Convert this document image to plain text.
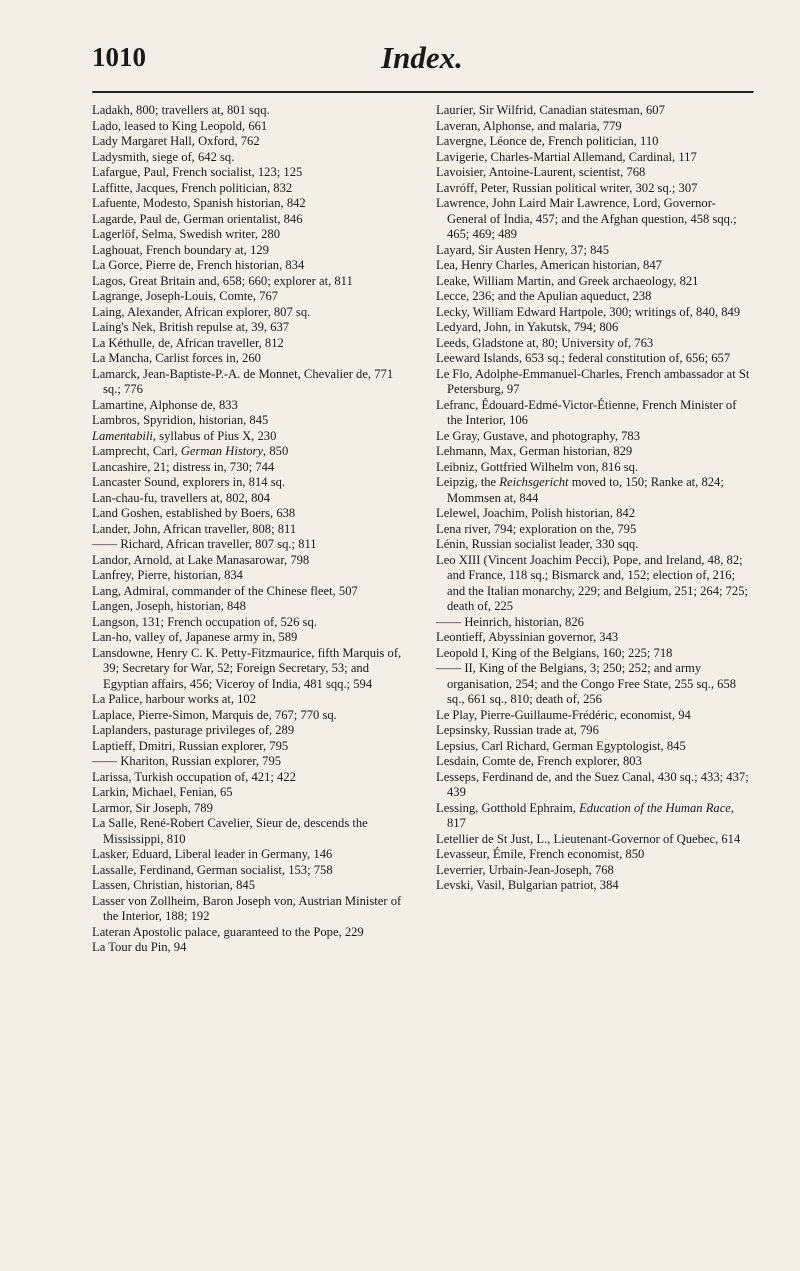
1010	Index.

Ladakh, 800; travellers at, 801 sqq.

Lado, leased to King Leopold, 661

Lady Margaret Hall, Oxford, 762

Ladysmith, siege of, 642 sq.

Lafargue, Paul, French socialist, 123; 125

Laffitte, Jacques, French politician, 832

Lafuente, Modesto, Spanish historian, 842

Lagarde, Paul de, German orientalist, 846

Lagerlöf, Selma, Swedish writer, 280

Laghouat, French boundary at, 129

La Gorce, Pierre de, French historian, 834

Lagos, Great Britain and, 658; 660; explorer at, 811

Lagrange, Joseph-Louis, Comte, 767

Laing, Alexander, African explorer, 807 sq.

Laing's Nek, British repulse at, 39, 637

La Kéthulle, de, African traveller, 812

La Mancha, Carlist forces in, 260

Lamarck, Jean-Baptiste-P.-A. de Monnet, Chevalier de, 771 sq.; 776

Lamartine, Alphonse de, 833

Lambros, Spyridion, historian, 845

Lamentabili, syllabus of Pius X, 230

Lamprecht, Carl, German History, 850

Lancashire, 21; distress in, 730; 744

Lancaster Sound, explorers in, 814 sq.

Lan-chau-fu, travellers at, 802, 804

Land Goshen, established by Boers, 638

Lander, John, African traveller, 808; 811

—— Richard, African traveller, 807 sq.; 811

Landor, Arnold, at Lake Manasarowar, 798

Lanfrey, Pierre, historian, 834

Lang, Admiral, commander of the Chinese fleet, 507

Langen, Joseph, historian, 848

Langson, 131; French occupation of, 526 sq.

Lan-ho, valley of, Japanese army in, 589

Lansdowne, Henry C. K. Petty-Fitzmaurice, fifth Marquis of, 39; Secretary for War, 52; Foreign Secretary, 53; and Egyptian affairs, 456; Viceroy of India, 481 sqq.; 594

La Palice, harbour works at, 102

Laplace, Pierre-Simon, Marquis de, 767; 770 sq.

Laplanders, pasturage privileges of, 289

Laptieff, Dmitri, Russian explorer, 795

—— Khariton, Russian explorer, 795

Larissa, Turkish occupation of, 421; 422

Larkin, Michael, Fenian, 65

Larmor, Sir Joseph, 789

La Salle, René-Robert Cavelier, Sieur de, descends the Mississippi, 810

Lasker, Eduard, Liberal leader in Germany, 146

Lassalle, Ferdinand, German socialist, 153; 758

Lassen, Christian, historian, 845

Lasser von Zollheim, Baron Joseph von, Austrian Minister of the Interior, 188; 192

Lateran Apostolic palace, guaranteed to the Pope, 229

La Tour du Pin, 94

Laurier, Sir Wilfrid, Canadian statesman, 607

Laveran, Alphonse, and malaria, 779

Lavergne, Léonce de, French politician, 110

Lavigerie, Charles-Martial Allemand, Cardinal, 117

Lavoisier, Antoine-Laurent, scientist, 768

Lavróff, Peter, Russian political writer, 302 sq.; 307

Lawrence, John Laird Mair Lawrence, Lord, Governor-General of India, 457; and the Afghan question, 458 sqq.; 465; 469; 489

Layard, Sir Austen Henry, 37; 845

Lea, Henry Charles, American historian, 847

Leake, William Martin, and Greek archaeology, 821

Lecce, 236; and the Apulian aqueduct, 238

Lecky, William Edward Hartpole, 300; writings of, 840, 849

Ledyard, John, in Yakutsk, 794; 806

Leeds, Gladstone at, 80; University of, 763

Leeward Islands, 653 sq.; federal constitution of, 656; 657

Le Flo, Adolphe-Emmanuel-Charles, French ambassador at St Petersburg, 97

Lefranc, Édouard-Edmé-Victor-Étienne, French Minister of the Interior, 106

Le Gray, Gustave, and photography, 783

Lehmann, Max, German historian, 829

Leibniz, Gottfried Wilhelm von, 816 sq.

Leipzig, the Reichsgericht moved to, 150; Ranke at, 824; Mommsen at, 844

Lelewel, Joachim, Polish historian, 842

Lena river, 794; exploration on the, 795

Lénin, Russian socialist leader, 330 sqq.

Leo XIII (Vincent Joachim Pecci), Pope, and Ireland, 48, 82; and France, 118 sq.; Bismarck and, 152; election of, 216; and the Italian monarchy, 229; and Belgium, 251; 264; 725; death of, 225

—— Heinrich, historian, 826

Leontieff, Abyssinian governor, 343

Leopold I, King of the Belgians, 160; 225; 718

—— II, King of the Belgians, 3; 250; 252; and army organisation, 254; and the Congo Free State, 255 sq., 658 sq., 661 sq., 810; death of, 256

Le Play, Pierre-Guillaume-Frédéric, economist, 94

Lepsinsky, Russian trade at, 796

Lepsius, Carl Richard, German Egyptologist, 845

Lesdain, Comte de, French explorer, 803

Lesseps, Ferdinand de, and the Suez Canal, 430 sq.; 433; 437; 439

Lessing, Gotthold Ephraim, Education of the Human Race, 817

Letellier de St Just, L., Lieutenant-Governor of Quebec, 614

Levasseur, Émile, French economist, 850

Leverrier, Urbain-Jean-Joseph, 768

Levski, Vasil, Bulgarian patriot, 384
